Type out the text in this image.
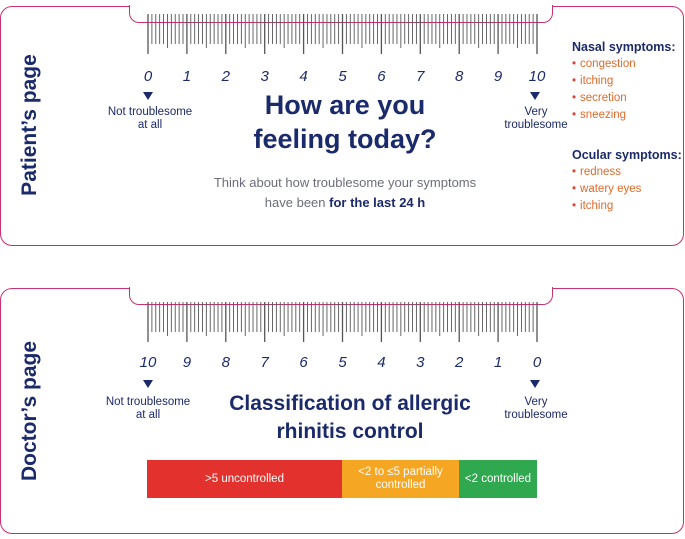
Patient’s page	0	1	2	3	4	5	6	7	8	9	10
Not troublesome at all
Very troublesome
How are you
feeling today?
Think about how troublesome your symptoms
have been for the last 24 h
Nasal symptoms:
• congestion
• itching
• secretion
• sneezing
Ocular symptoms:
• redness
• watery eyes
• itching
Doctor’s page	10	9	8	7	6	5	4	3	2	1	0
Not troublesome at all
Very troublesome
Classification of allergic
rhinitis control
>5 uncontrolled
<2 to ≤5 partially controlled
<2 controlled
